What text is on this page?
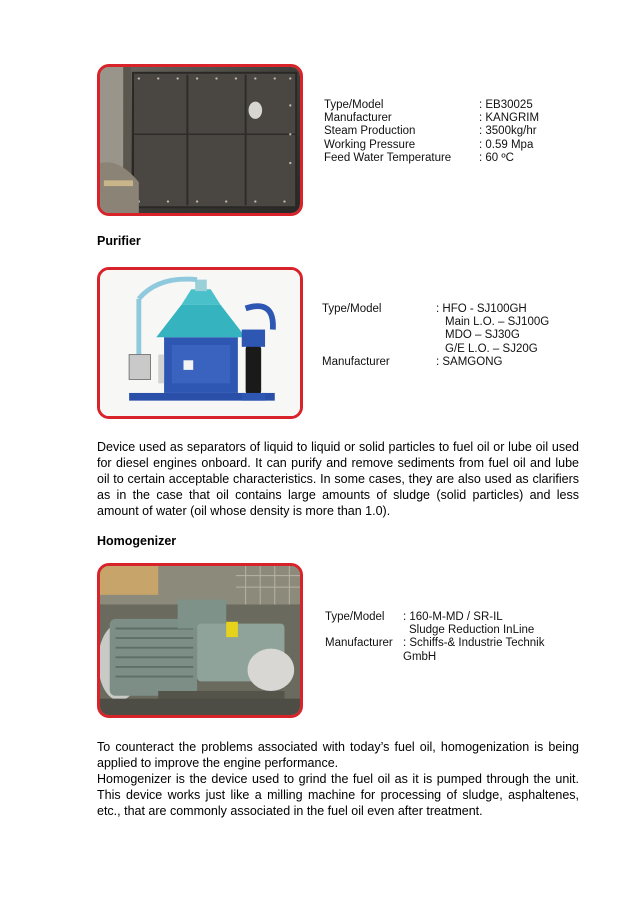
Type/Model	: EB30025
Manufacturer	: KANGRIM
Steam Production	: 3500kg/hr
Working Pressure	: 0.59 Mpa
Feed Water Temperature : 60 ºC
Purifier
Type/Model	: HFO - SJ100GH
Main L.O. – SJ100G
MDO – SJ30G
G/E L.O. – SJ20G
Manufacturer	: SAMGONG

Device used as separators of liquid to liquid or solid particles to fuel oil or lube oil used for diesel engines onboard. It can purify and remove sediments from fuel oil and lube oil to certain acceptable characteristics. In some cases, they are also used as clarifiers as in the case that oil contains large amounts of sludge (solid particles) and less amount of water (oil whose density is more than 1.0).

Homogenizer
Type/Model : 160-M-MD / SR-IL
Sludge Reduction InLine
Manufacturer : Schiffs-& Industrie Technik
GmbH

To counteract the problems associated with today’s fuel oil, homogenization is being applied to improve the engine performance.

Homogenizer is the device used to grind the fuel oil as it is pumped through the unit. This device works just like a milling machine for processing of sludge, asphaltenes, etc., that are commonly associated in the fuel oil even after treatment.
